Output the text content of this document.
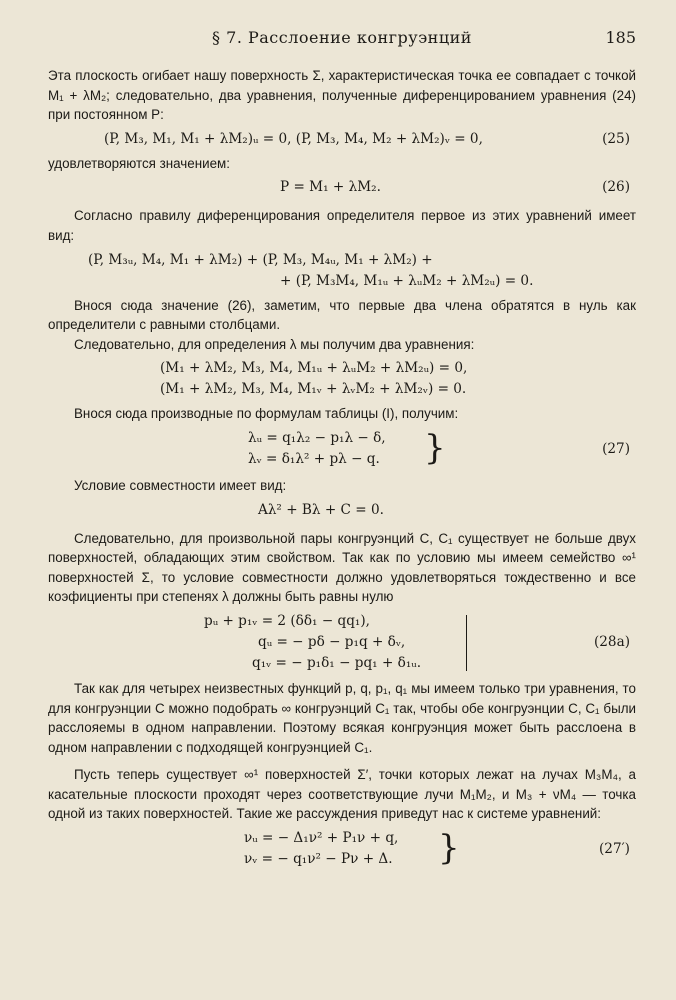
§ 7. Расслоение конгруэнций	185

Эта плоскость огибает нашу поверхность Σ, характеристическая точка ее совпадает с точкой M₁ + λM₂; следовательно, два уравнения, полученные диференцированием уравнения (24) при постоянном P:

(P, M₃, M₁, M₁ + λM₂)ᵤ = 0, (P, M₃, M₄, M₂ + λM₂)ᵥ = 0,	(25)

удовлетворяются значением:

P = M₁ + λM₂.	(26)

Согласно правилу диференцирования определителя первое из этих уравнений имеет вид:

(P, M₃ᵤ, M₄, M₁ + λM₂) + (P, M₃, M₄ᵤ, M₁ + λM₂) +
+ (P, M₃M₄, M₁ᵤ + λᵤM₂ + λM₂ᵤ) = 0.

Внося сюда значение (26), заметим, что первые два члена обратятся в нуль как определители с равными столбцами.

Следовательно, для определения λ мы получим два уравнения:

(M₁ + λM₂, M₃, M₄, M₁ᵤ + λᵤM₂ + λM₂ᵤ) = 0,
(M₁ + λM₂, M₃, M₄, M₁ᵥ + λᵥM₂ + λM₂ᵥ) = 0.

Внося сюда производные по формулам таблицы (I), получим:

λᵤ = q₁λ₂ − p₁λ − δ,
λᵥ = δ₁λ² + pλ − q.	}	(27)

Условие совместности имеет вид:

Aλ² + Bλ + C = 0.

Следовательно, для произвольной пары конгруэнций C, C₁ существует не больше двух поверхностей, обладающих этим свойством. Так как по условию мы имеем семейство ∞¹ поверхностей Σ, то условие совместности должно удовлетворяться тождественно и все коэфициенты при степенях λ должны быть равны нулю

pᵤ + p₁ᵥ = 2 (δδ₁ − qq₁),
qᵤ = − pδ − p₁q + δᵥ,
q₁ᵥ = − p₁δ₁ − pq₁ + δ₁ᵤ.
(28a)

Так как для четырех неизвестных функций p, q, p₁, q₁ мы имеем только три уравнения, то для конгруэнции C можно подобрать ∞ конгруэнций C₁ так, чтобы обе конгруэнции C, C₁ были расслояемы в одном направлении. Поэтому всякая конгруэнция может быть расслоена в одном направлении с подходящей конгруэнцией C₁.

Пусть теперь существует ∞¹ поверхностей Σ′, точки которых лежат на лучах M₃M₄, а касательные плоскости проходят через соответствующие лучи M₁M₂, и M₃ + νM₄ — точка одной из таких поверхностей. Такие же рассуждения приведут нас к системе уравнений:

νᵤ = − Δ₁ν² + P₁ν + q,
νᵥ = − q₁ν² − Pν + Δ.	}	(27′)
